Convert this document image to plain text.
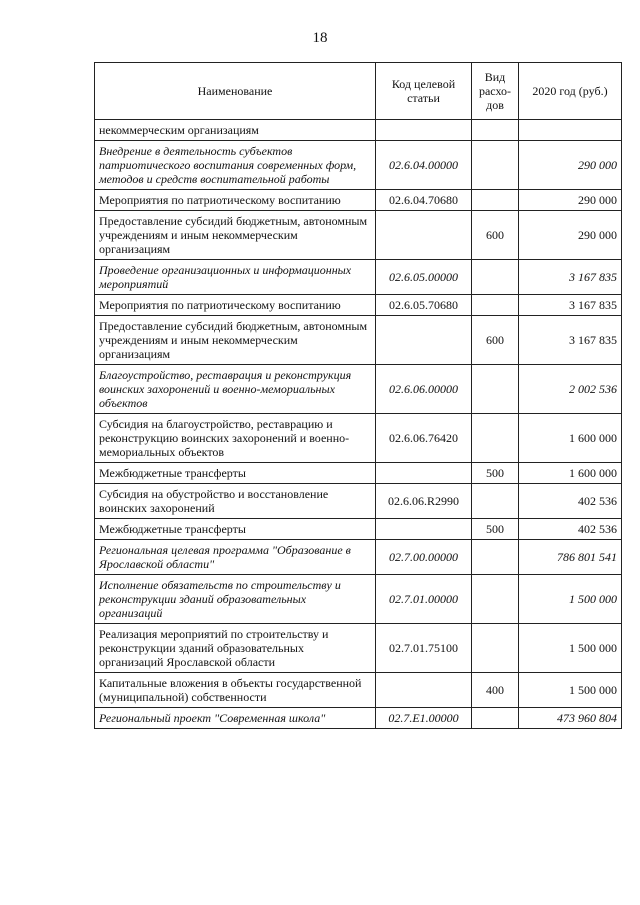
18
Наименование	Код целевой статьи	Вид расхо-дов	2020 год (руб.)
некоммерческим организациям			
Внедрение в деятельность субъектов патриотического воспитания современных форм, методов и средств воспитательной работы	02.6.04.00000		290 000
Мероприятия по патриотическому воспитанию	02.6.04.70680		290 000
Предоставление субсидий бюджетным, автономным учреждениям и иным некоммерческим организациям		600	290 000
Проведение организационных и информационных мероприятий	02.6.05.00000		3 167 835
Мероприятия по патриотическому воспитанию	02.6.05.70680		3 167 835
Предоставление субсидий бюджетным, автономным учреждениям и иным некоммерческим организациям		600	3 167 835
Благоустройство, реставрация и реконструкция воинских захоронений и военно-мемориальных объектов	02.6.06.00000		2 002 536
Субсидия на благоустройство, реставрацию и реконструкцию воинских захоронений и военно-мемориальных объектов	02.6.06.76420		1 600 000
Межбюджетные трансферты		500	1 600 000
Субсидия на обустройство и восстановление воинских захоронений	02.6.06.R2990		402 536
Межбюджетные трансферты		500	402 536
Региональная целевая программа "Образование в Ярославской области"	02.7.00.00000		786 801 541
Исполнение обязательств по строительству и реконструкции зданий образовательных организаций	02.7.01.00000		1 500 000
Реализация мероприятий по строительству и реконструкции зданий образовательных организаций Ярославской области	02.7.01.75100		1 500 000
Капитальные вложения в объекты государственной (муниципальной) собственности		400	1 500 000
Региональный проект "Современная школа"	02.7.E1.00000		473 960 804
